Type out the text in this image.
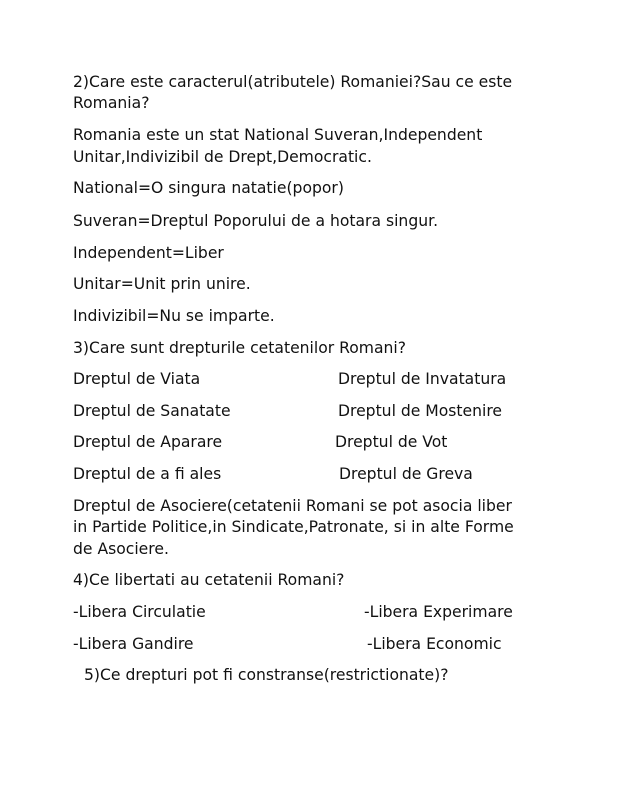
2)Care este caracterul(atributele) Romaniei?Sau ce este
Romania?
Romania este un stat National Suveran,Independent
Unitar,Indivizibil de Drept,Democratic.
National=O singura natatie(popor)
Suveran=Dreptul Poporului de a hotara singur.
Independent=Liber
Unitar=Unit prin unire.
Indivizibil=Nu se imparte.
3)Care sunt drepturile cetatenilor Romani?
Dreptul de Viata	Dreptul de Invatatura
Dreptul de Sanatate	Dreptul de Mostenire
Dreptul de Aparare	Dreptul de Vot
Dreptul de a fi ales	Dreptul de Greva
Dreptul de Asociere(cetatenii Romani se pot asocia liber
in Partide Politice,in Sindicate,Patronate, si in alte Forme
de Asociere.
4)Ce libertati au cetatenii Romani?
-Libera Circulatie	-Libera Experimare
-Libera Gandire	-Libera Economic
5)Ce drepturi pot fi constranse(restrictionate)?
